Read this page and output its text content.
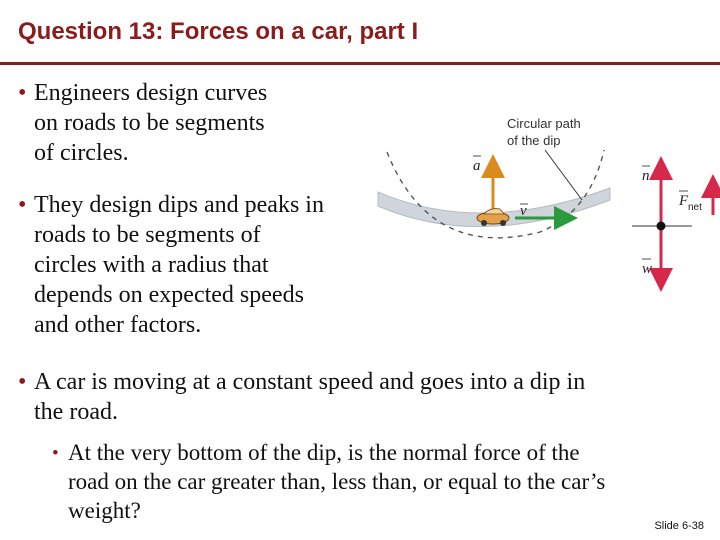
Question 13: Forces on a car, part I
• Engineers design curves
on roads to be segments
of circles.
• They design dips and peaks in
roads to be segments of
circles with a radius that
depends on expected speeds
and other factors.
• A car is moving at a constant speed and goes into a dip in
the road.
• At the very bottom of the dip, is the normal force of the
road on the car greater than, less than, or equal to the car’s
weight?
Circular path
of the dip
a
v
n
w
F net
Slide 6-38
